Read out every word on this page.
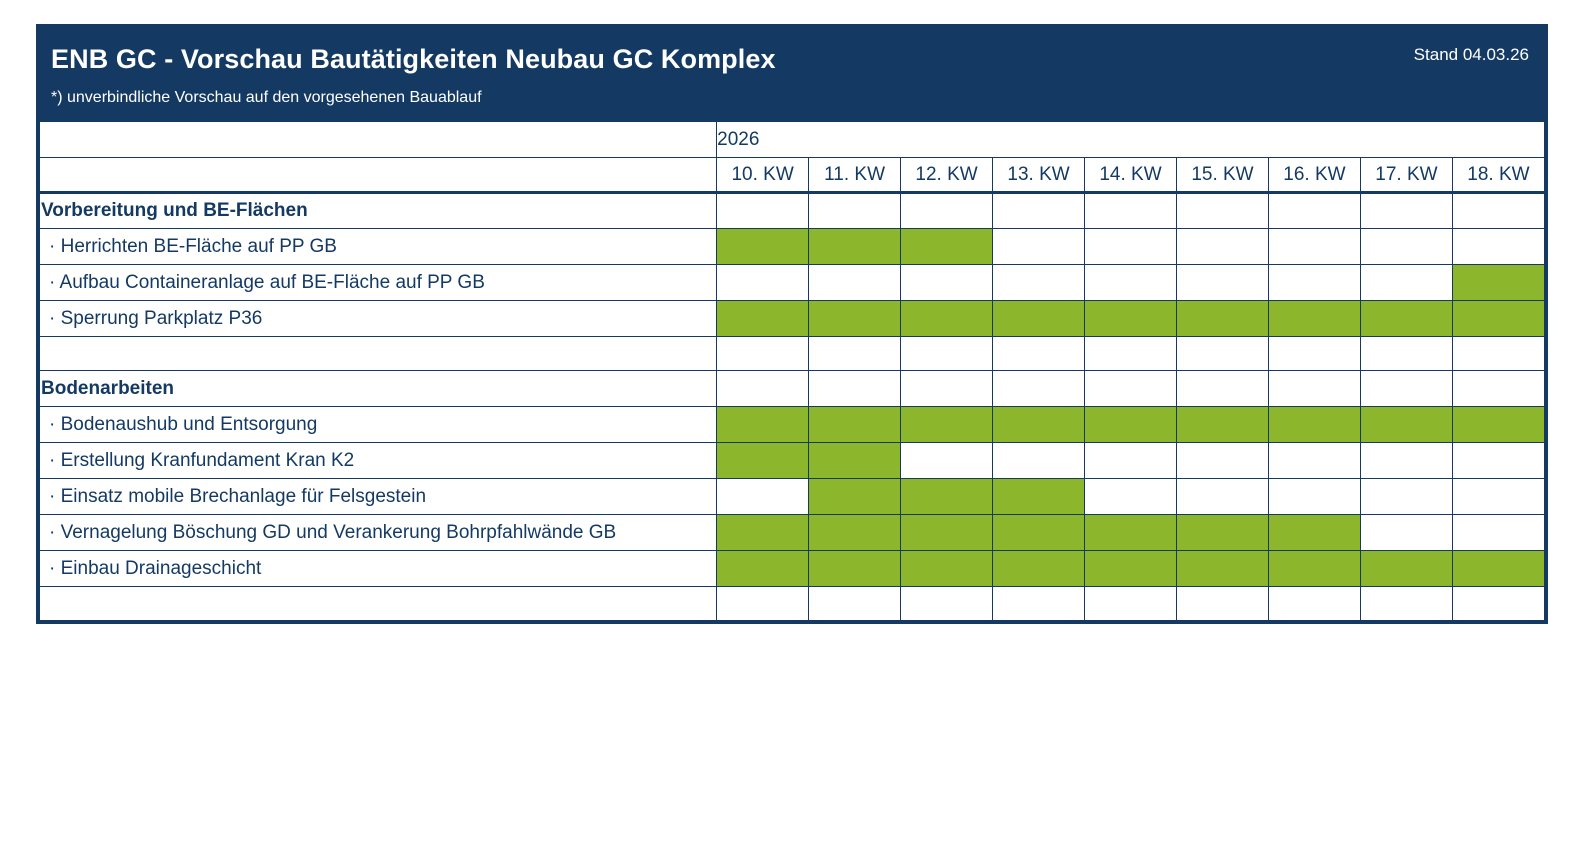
Stand 04.03.26
ENB GC - Vorschau Bautätigkeiten Neubau GC Komplex
*) unverbindliche Vorschau auf den vorgesehenen Bauablauf
	2026								
	10. KW	11. KW	12. KW	13. KW	14. KW	15. KW	16. KW	17. KW	18. KW
Vorbereitung und BE-Flächen									
· Herrichten BE-Fläche auf PP GB									
· Aufbau Containeranlage auf BE-Fläche auf PP GB									
· Sperrung Parkplatz P36									

Bodenarbeiten									
· Bodenaushub und Entsorgung									
· Erstellung Kranfundament Kran K2									
· Einsatz mobile Brechanlage für Felsgestein									
· Vernagelung Böschung GD und Verankerung Bohrpfahlwände GB									
· Einbau Drainageschicht									
